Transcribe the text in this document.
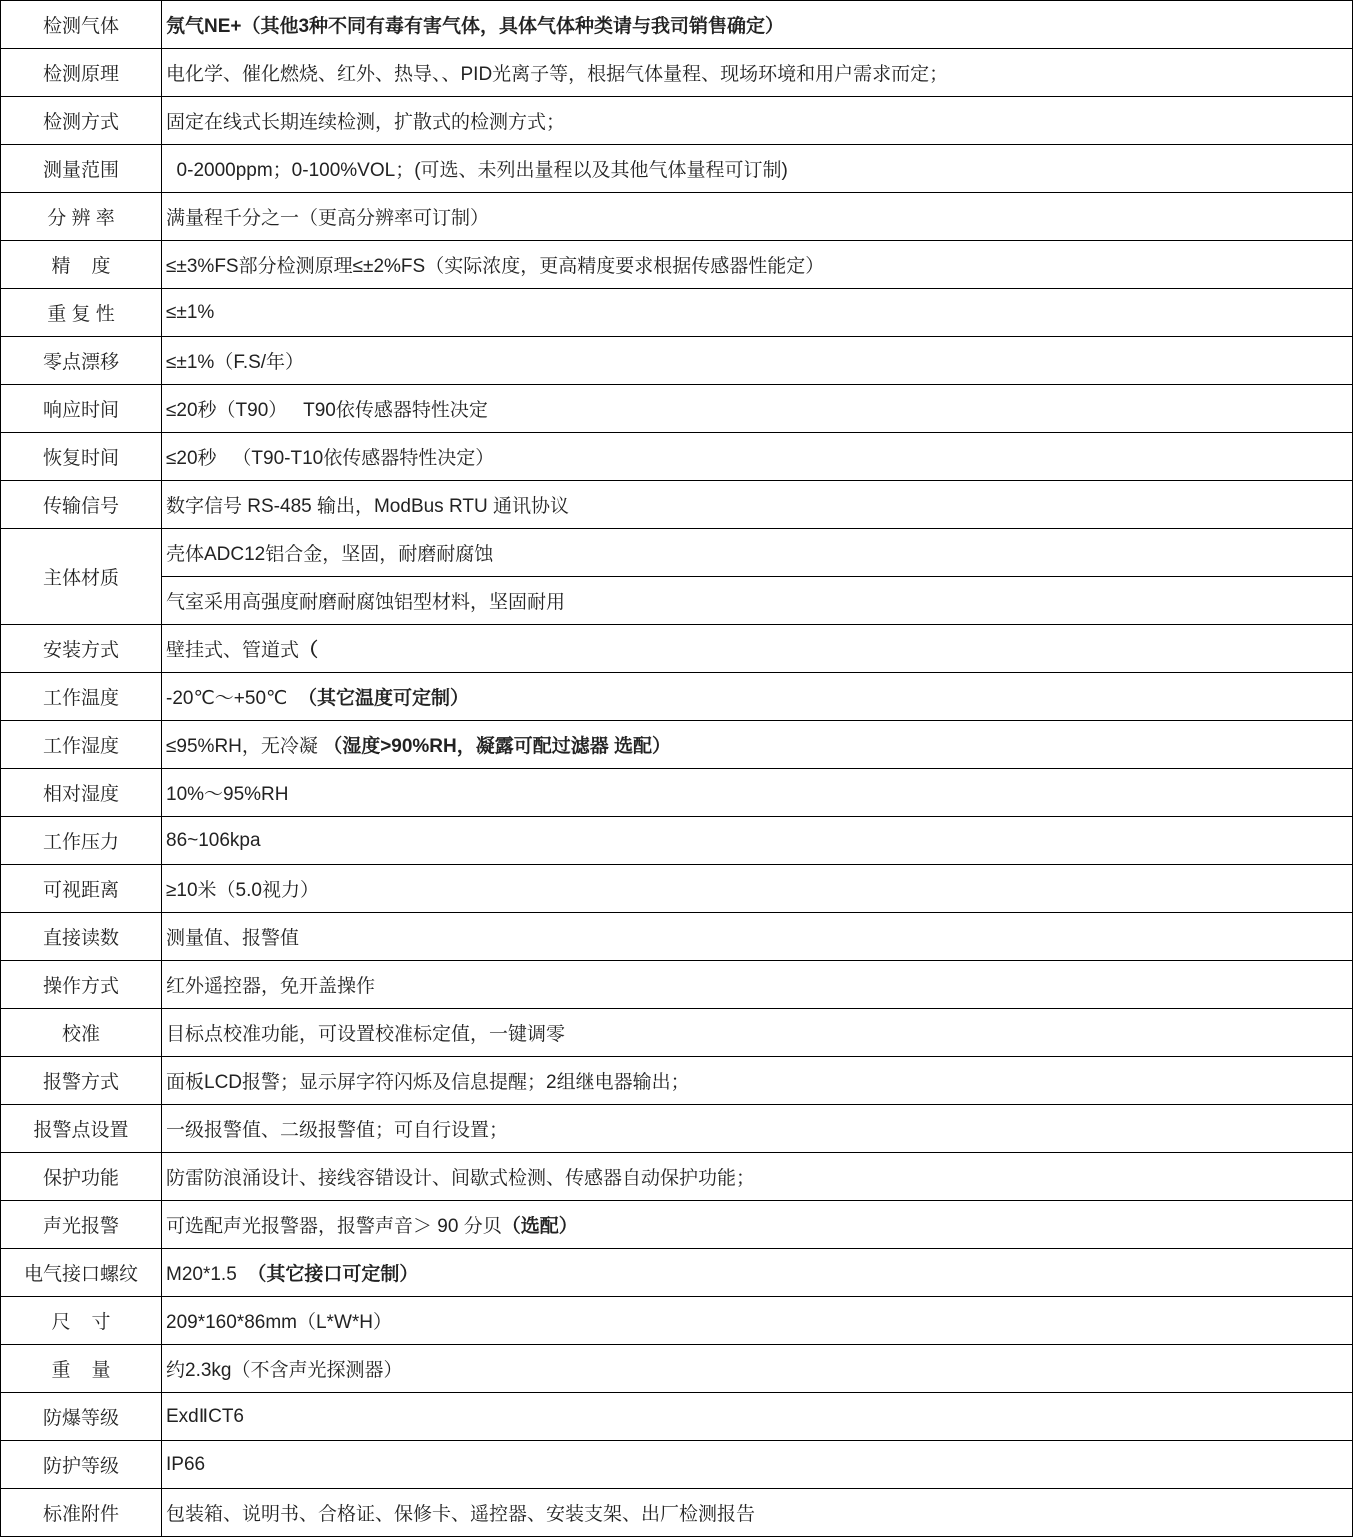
检测气体	氖气NE+（其他3种不同有毒有害气体，具体气体种类请与我司销售确定）
检测原理	电化学、催化燃烧、红外、热导、、PID光离子等，根据气体量程、现场环境和用户需求而定；
检测方式	固定在线式长期连续检测，扩散式的检测方式；
测量范围	0-2000ppm；0-100%VOL；(可选、未列出量程以及其他气体量程可订制)
分 辨 率	满量程千分之一（更高分辨率可订制）
精    度	≤±3%FS部分检测原理≤±2%FS（实际浓度，更高精度要求根据传感器性能定）
重 复 性	≤±1%
零点漂移	≤±1%（F.S/年）
响应时间	≤20秒（T90）   T90依传感器特性决定
恢复时间	≤20秒   （T90-T10依传感器特性决定）
传输信号	数字信号 RS-485 输出，ModBus RTU 通讯协议
主体材质	壳体ADC12铝合金，坚固，耐磨耐腐蚀
	气室采用高强度耐磨耐腐蚀铝型材料，坚固耐用
安装方式	壁挂式、管道式（
工作温度	-20℃～+50℃  （其它温度可定制）
工作湿度	≤95%RH，无冷凝 （湿度>90%RH，凝露可配过滤器 选配）
相对湿度	10%～95%RH
工作压力	86~106kpa
可视距离	≥10米（5.0视力）
直接读数	测量值、报警值
操作方式	红外遥控器，免开盖操作
校准	目标点校准功能，可设置校准标定值，一键调零
报警方式	面板LCD报警；显示屏字符闪烁及信息提醒；2组继电器输出；
报警点设置	一级报警值、二级报警值；可自行设置；
保护功能	防雷防浪涌设计、接线容错设计、间歇式检测、传感器自动保护功能；
声光报警	可选配声光报警器，报警声音＞ 90 分贝（选配）
电气接口螺纹	M20*1.5  （其它接口可定制）
尺    寸	209*160*86mm（L*W*H）
重    量	约2.3kg（不含声光探测器）
防爆等级	ExdⅡCT6
防护等级	IP66
标准附件	包装箱、说明书、合格证、保修卡、遥控器、安装支架、出厂检测报告
